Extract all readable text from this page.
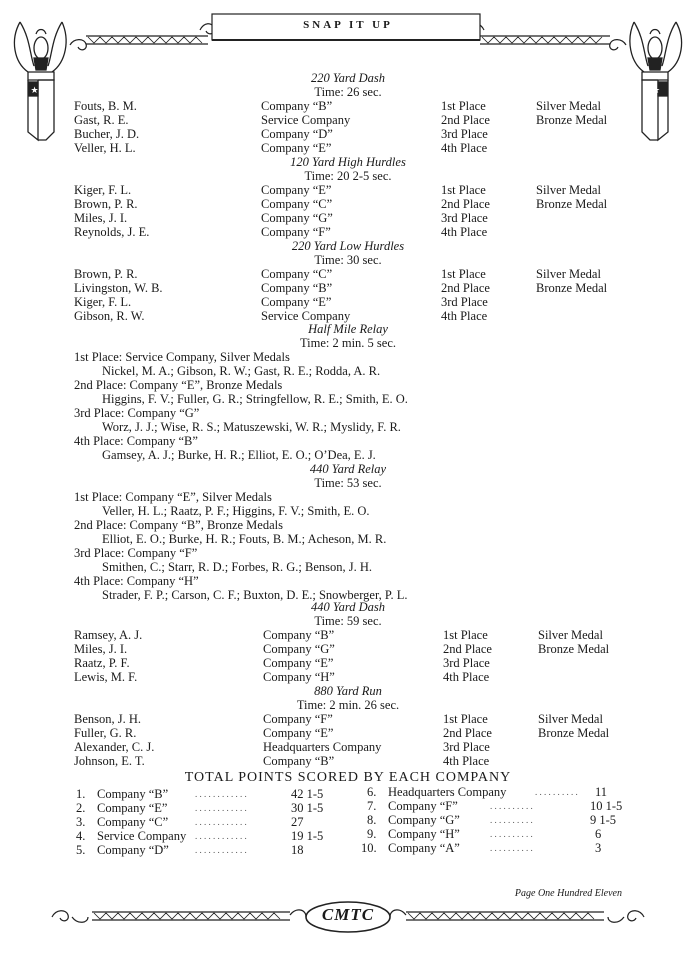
★	★
SNAP IT UP
220 Yard Dash
Time: 26 sec.
Fouts, B. M.	Company “B”	1st Place	Silver Medal
Gast, R. E.	Service Company	2nd Place	Bronze Medal
Bucher, J. D.	Company “D”	3rd Place
Veller, H. L.	Company “E”	4th Place
120 Yard High Hurdles
Time: 20 2-5 sec.
Kiger, F. L.	Company “E”	1st Place	Silver Medal
Brown, P. R.	Company “C”	2nd Place	Bronze Medal
Miles, J. I.	Company “G”	3rd Place
Reynolds, J. E.	Company “F”	4th Place
220 Yard Low Hurdles
Time: 30 sec.
Brown, P. R.	Company “C”	1st Place	Silver Medal
Livingston, W. B.	Company “B”	2nd Place	Bronze Medal
Kiger, F. L.	Company “E”	3rd Place
Gibson, R. W.	Service Company	4th Place
Half Mile Relay
Time: 2 min. 5 sec.
1st Place: Service Company, Silver Medals
Nickel, M. A.; Gibson, R. W.; Gast, R. E.; Rodda, A. R.
2nd Place: Company “E”, Bronze Medals
Higgins, F. V.; Fuller, G. R.; Stringfellow, R. E.; Smith, E. O.
3rd Place: Company “G”
Worz, J. J.; Wise, R. S.; Matuszewski, W. R.; Myslidy, F. R.
4th Place: Company “B”
Gamsey, A. J.; Burke, H. R.; Elliot, E. O.; O’Dea, E. J.
440 Yard Relay
Time: 53 sec.
1st Place: Company “E”, Silver Medals
Veller, H. L.; Raatz, P. F.; Higgins, F. V.; Smith, E. O.
2nd Place: Company “B”, Bronze Medals
Elliot, E. O.; Burke, H. R.; Fouts, B. M.; Acheson, M. R.
3rd Place: Company “F”
Smithen, C.; Starr, R. D.; Forbes, R. G.; Benson, J. H.
4th Place: Company “H”
Strader, F. P.; Carson, C. F.; Buxton, D. E.; Snowberger, P. L.
440 Yard Dash
Time: 59 sec.
Ramsey, A. J.	Company “B”	1st Place	Silver Medal
Miles, J. I.	Company “G”	2nd Place	Bronze Medal
Raatz, P. F.	Company “E”	3rd Place
Lewis, M. F.	Company “H”	4th Place
880 Yard Run
Time: 2 min. 26 sec.
Benson, J. H.	Company “F”	1st Place	Silver Medal
Fuller, G. R.	Company “E”	2nd Place	Bronze Medal
Alexander, C. J.	Headquarters Company	3rd Place
Johnson, E. T.	Company “B”	4th Place
TOTAL POINTS SCORED BY EACH COMPANY
1. Company “B”	. . . . . . . . . . . .	42 1-5
2. Company “E”	. . . . . . . . . . . .	30 1-5
3. Company “C”	. . . . . . . . . . . .	27
4. Service Company . . . . . . . . . . . .	19 1-5
5. Company “D”	. . . . . . . . . . . .	18
6. Headquarters Company	. . . . . . . . . . 11
7. Company “F”	. . . . . . . . . .	10 1-5
8. Company “G”	. . . . . . . . . .	9 1-5
9. Company “H”	. . . . . . . . . .	6
10. Company “A”	. . . . . . . . . .	3
Page One Hundred Eleven
CMTC
